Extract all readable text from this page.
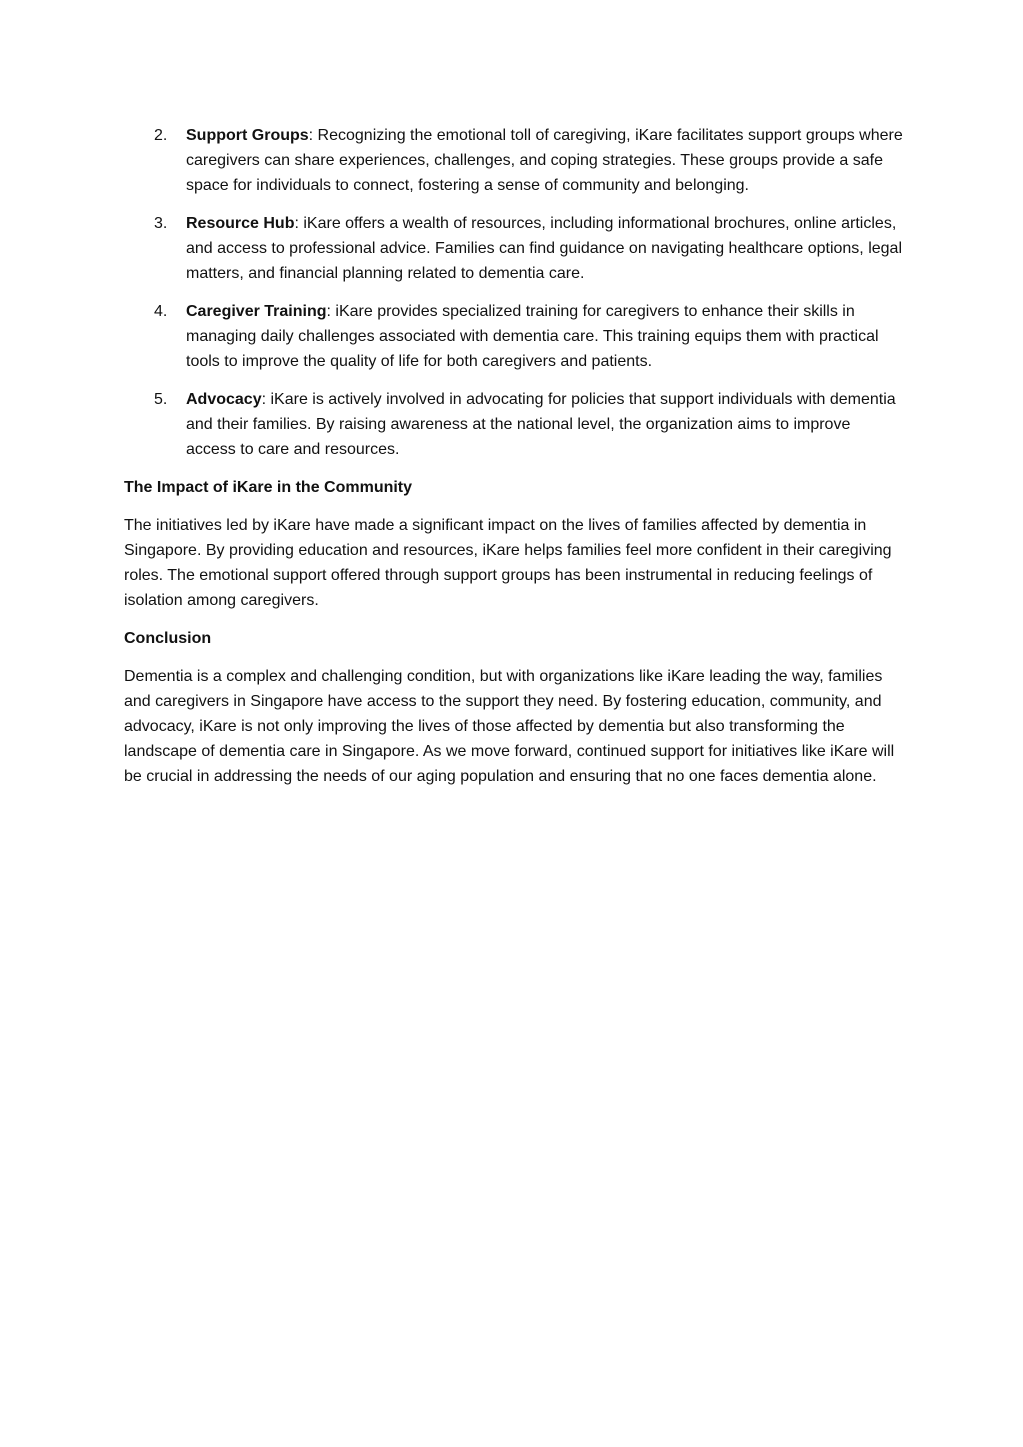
2. Support Groups: Recognizing the emotional toll of caregiving, iKare facilitates support groups where caregivers can share experiences, challenges, and coping strategies. These groups provide a safe space for individuals to connect, fostering a sense of community and belonging.
3. Resource Hub: iKare offers a wealth of resources, including informational brochures, online articles, and access to professional advice. Families can find guidance on navigating healthcare options, legal matters, and financial planning related to dementia care.
4. Caregiver Training: iKare provides specialized training for caregivers to enhance their skills in managing daily challenges associated with dementia care. This training equips them with practical tools to improve the quality of life for both caregivers and patients.
5. Advocacy: iKare is actively involved in advocating for policies that support individuals with dementia and their families. By raising awareness at the national level, the organization aims to improve access to care and resources.
The Impact of iKare in the Community

The initiatives led by iKare have made a significant impact on the lives of families affected by dementia in Singapore. By providing education and resources, iKare helps families feel more confident in their caregiving roles. The emotional support offered through support groups has been instrumental in reducing feelings of isolation among caregivers.

Conclusion

Dementia is a complex and challenging condition, but with organizations like iKare leading the way, families and caregivers in Singapore have access to the support they need. By fostering education, community, and advocacy, iKare is not only improving the lives of those affected by dementia but also transforming the landscape of dementia care in Singapore. As we move forward, continued support for initiatives like iKare will be crucial in addressing the needs of our aging population and ensuring that no one faces dementia alone.
